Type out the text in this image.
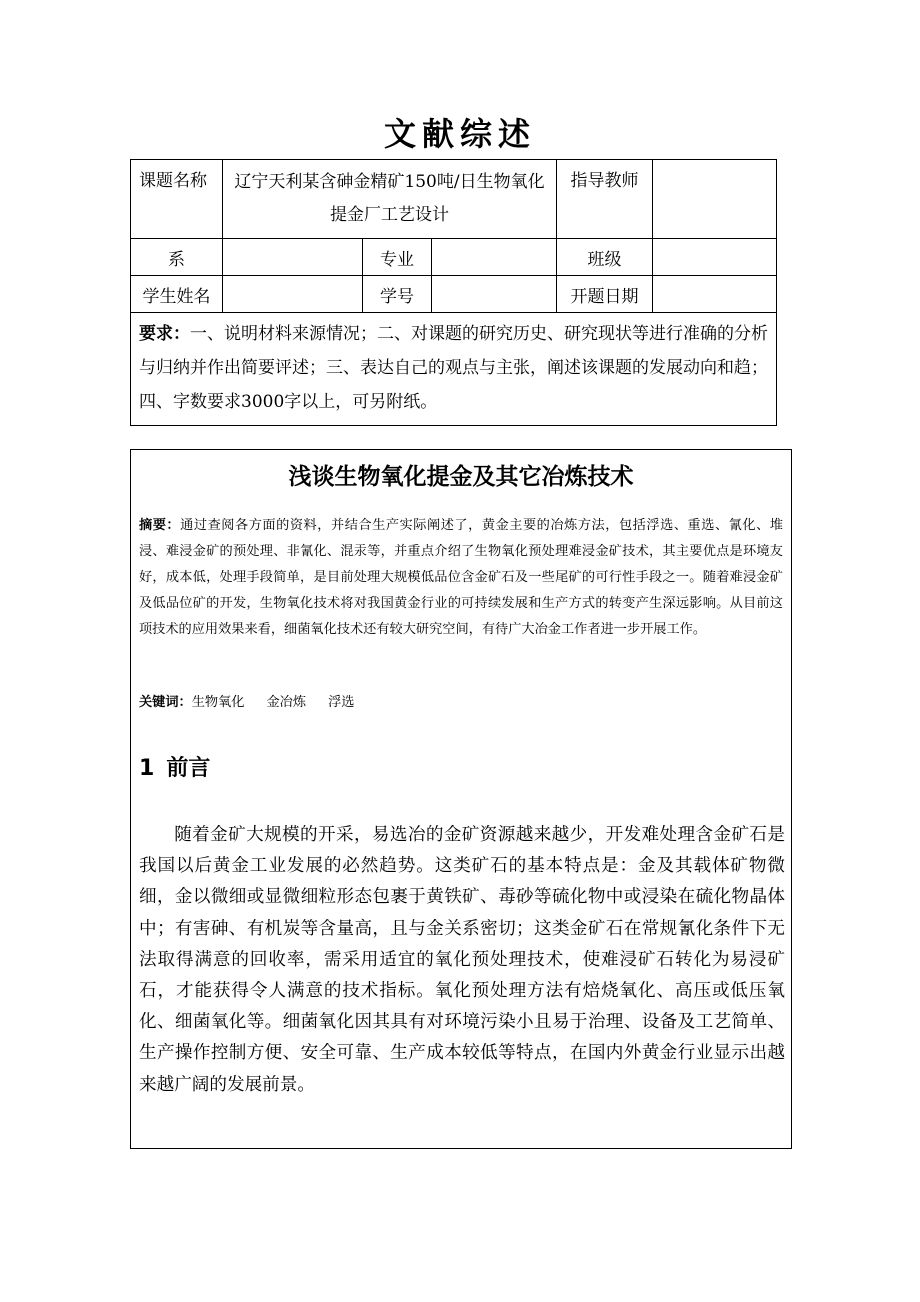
文献综述
课题名称	辽宁天利某含砷金精矿150吨/日生物氧化提金厂工艺设计			指导教师	
系		专业		班级	
学生姓名		学号		开题日期	
要求：一、说明材料来源情况；二、对课题的研究历史、研究现状等进行准确的分析与归纳并作出简要评述；三、表达自己的观点与主张，阐述该课题的发展动向和趋；四、字数要求3000字以上，可另附纸。					
浅谈生物氧化提金及其它冶炼技术

摘要：通过查阅各方面的资料，并结合生产实际阐述了，黄金主要的冶炼方法，包括浮选、重选、氰化、堆浸、难浸金矿的预处理、非氰化、混汞等，并重点介绍了生物氧化预处理难浸金矿技术，其主要优点是环境友好，成本低，处理手段简单，是目前处理大规模低品位含金矿石及一些尾矿的可行性手段之一。随着难浸金矿及低品位矿的开发，生物氧化技术将对我国黄金行业的可持续发展和生产方式的转变产生深远影响。从目前这项技术的应用效果来看，细菌氧化技术还有较大研究空间，有待广大冶金工作者进一步开展工作。

关键词：生物氧化 金冶炼 浮选

1 前言

随着金矿大规模的开采，易选冶的金矿资源越来越少，开发难处理含金矿石是我国以后黄金工业发展的必然趋势。这类矿石的基本特点是：金及其载体矿物微细，金以微细或显微细粒形态包裹于黄铁矿、毒砂等硫化物中或浸染在硫化物晶体中；有害砷、有机炭等含量高，且与金关系密切；这类金矿石在常规氰化条件下无法取得满意的回收率，需采用适宜的氧化预处理技术，使难浸矿石转化为易浸矿石，才能获得令人满意的技术指标。氧化预处理方法有焙烧氧化、高压或低压氧化、细菌氧化等。细菌氧化因其具有对环境污染小且易于治理、设备及工艺简单、生产操作控制方便、安全可靠、生产成本较低等特点，在国内外黄金行业显示出越来越广阔的发展前景。
